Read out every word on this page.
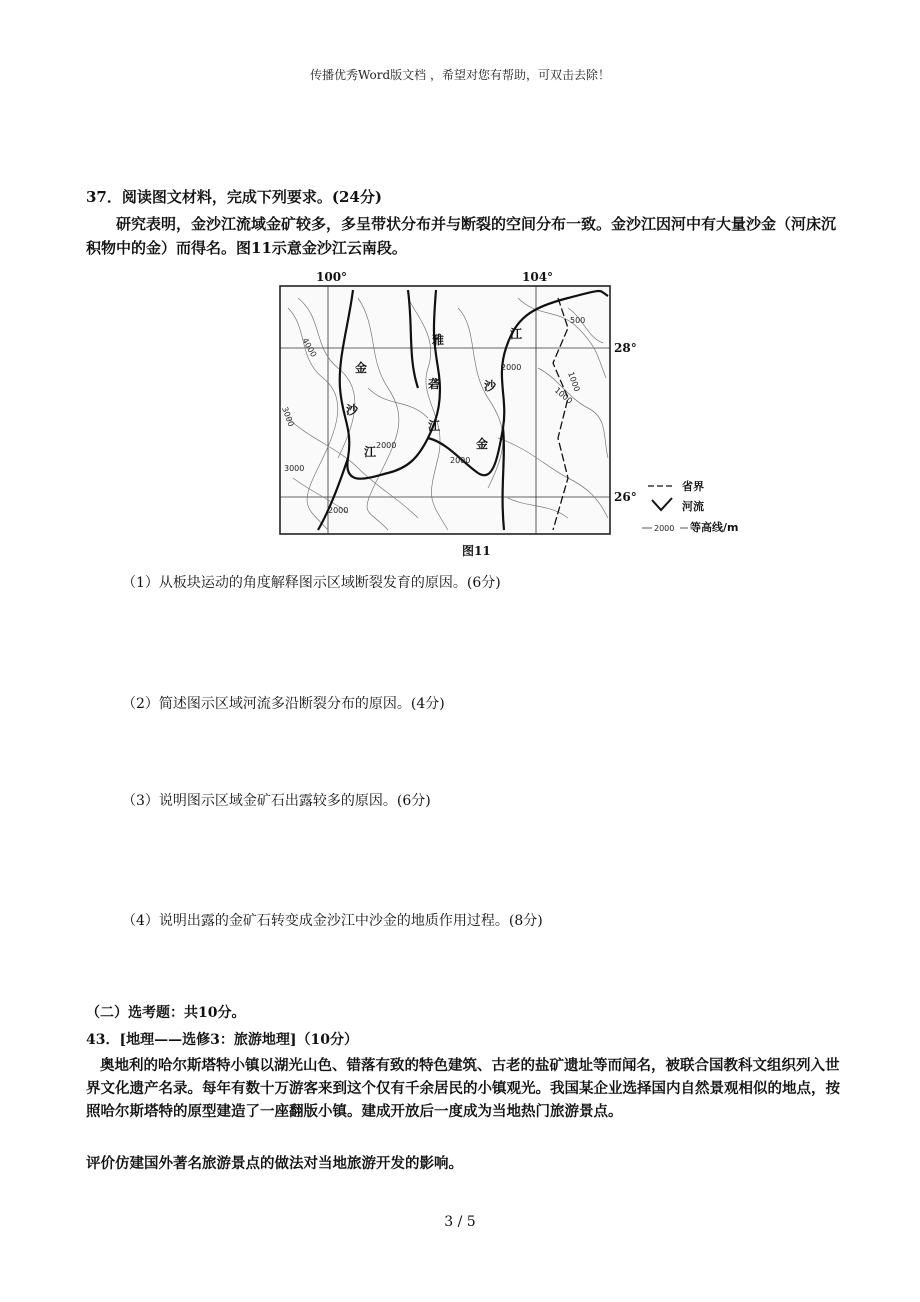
传播优秀Word版文档 ，希望对您有帮助，可双击去除！
37．阅读图文材料，完成下列要求。(24分)
研究表明，金沙江流域金矿较多，多呈带状分布并与断裂的空间分布一致。金沙江因河中有大量沙金（河床沉积物中的金）而得名。图11示意金沙江云南段。
100°	104°
28°
26°
500
4000
1000
2000
3000
2000
2000
3000
2000
1000
金
沙
江
雅
砻
江
江
沙
金
省界
河流
2000 等高线/m
图11
（1）从板块运动的角度解释图示区域断裂发育的原因。(6分)
（2）简述图示区域河流多沿断裂分布的原因。(4分)
（3）说明图示区域金矿石出露较多的原因。(6分)
（4）说明出露的金矿石转变成金沙江中沙金的地质作用过程。(8分)
（二）选考题：共10分。
43．[地理——选修3：旅游地理]（10分）
奥地利的哈尔斯塔特小镇以湖光山色、错落有致的特色建筑、古老的盐矿遗址等而闻名，被联合国教科文组织列入世界文化遗产名录。每年有数十万游客来到这个仅有千余居民的小镇观光。我国某企业选择国内自然景观相似的地点，按照哈尔斯塔特的原型建造了一座翻版小镇。建成开放后一度成为当地热门旅游景点。
评价仿建国外著名旅游景点的做法对当地旅游开发的影响。
3 / 5
